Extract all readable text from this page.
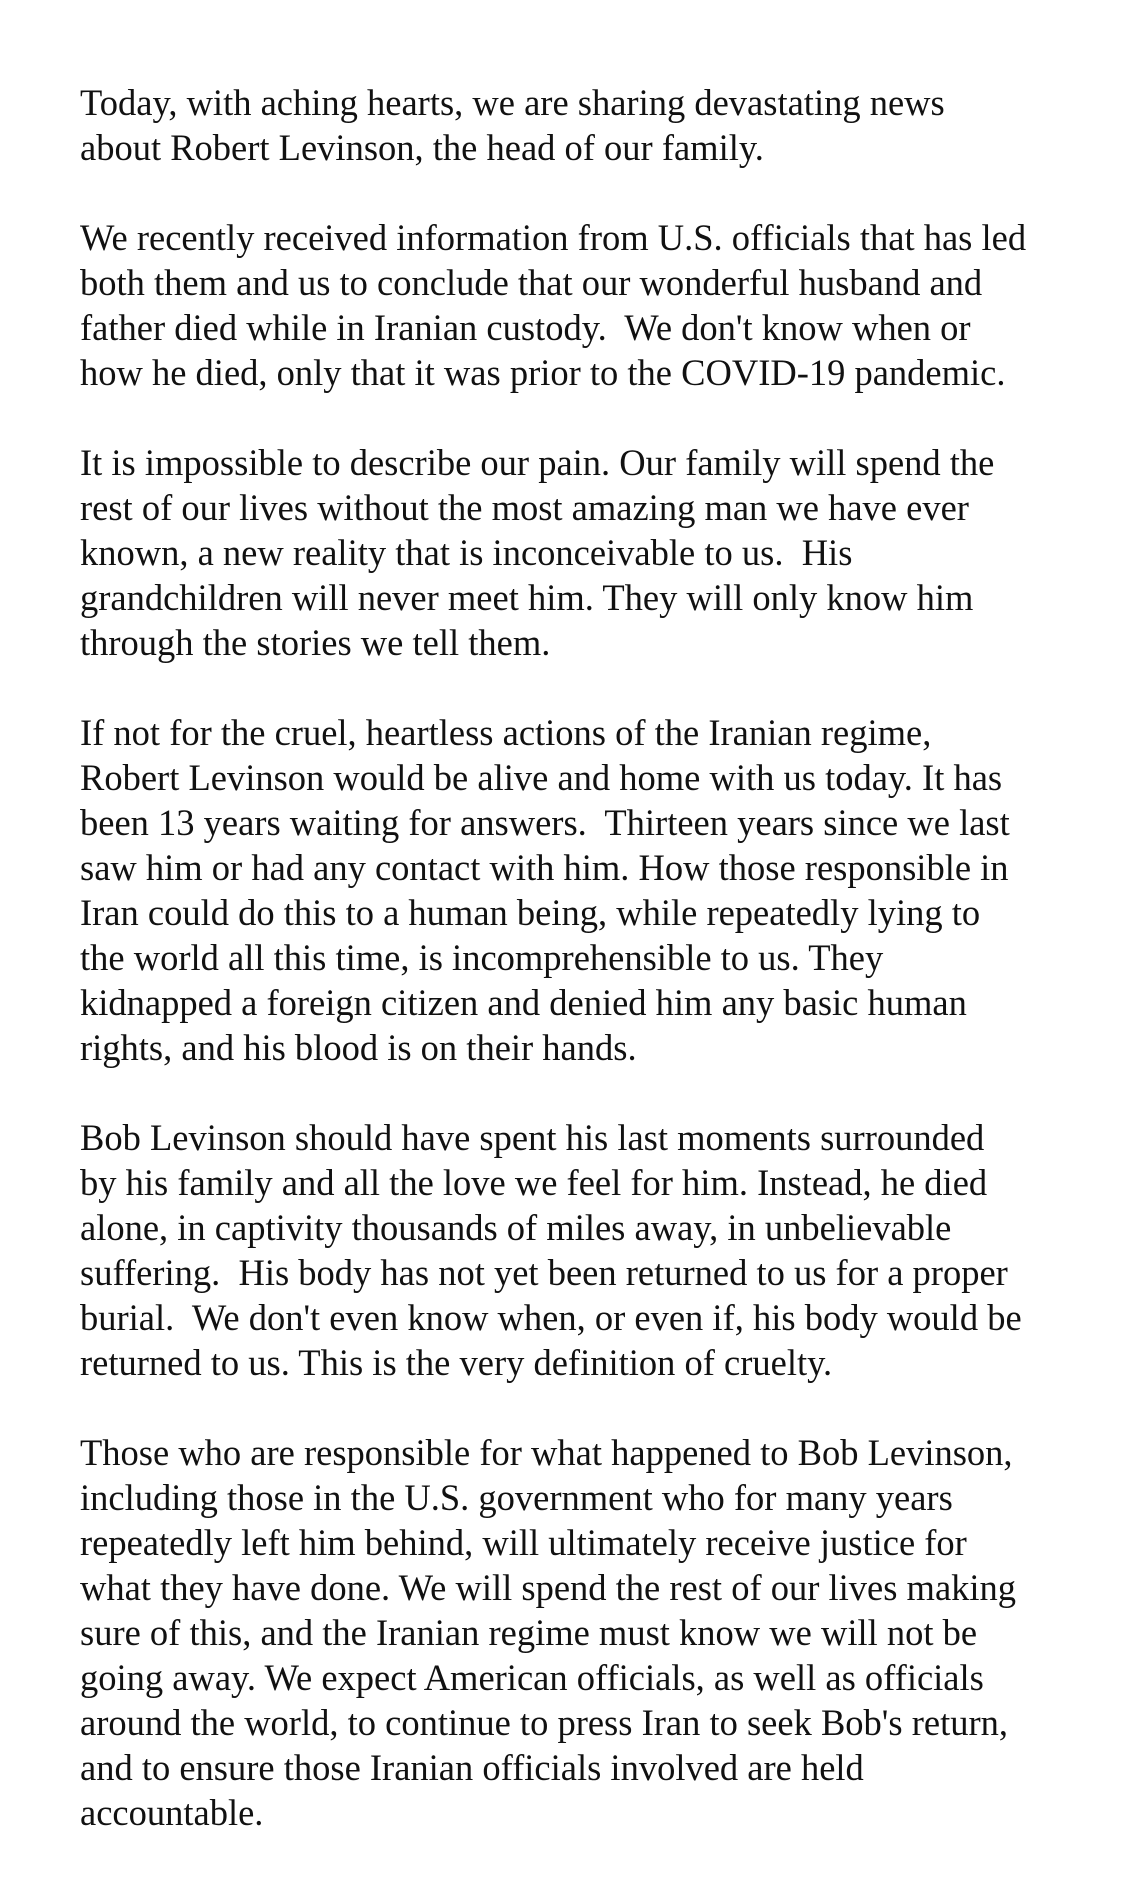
Today, with aching hearts, we are sharing devastating news
about Robert Levinson, the head of our family.

We recently received information from U.S. officials that has led
both them and us to conclude that our wonderful husband and
father died while in Iranian custody.  We don't know when or
how he died, only that it was prior to the COVID-19 pandemic.

It is impossible to describe our pain. Our family will spend the
rest of our lives without the most amazing man we have ever
known, a new reality that is inconceivable to us.  His
grandchildren will never meet him. They will only know him
through the stories we tell them.

If not for the cruel, heartless actions of the Iranian regime,
Robert Levinson would be alive and home with us today. It has
been 13 years waiting for answers.  Thirteen years since we last
saw him or had any contact with him. How those responsible in
Iran could do this to a human being, while repeatedly lying to
the world all this time, is incomprehensible to us. They
kidnapped a foreign citizen and denied him any basic human
rights, and his blood is on their hands.

Bob Levinson should have spent his last moments surrounded
by his family and all the love we feel for him. Instead, he died
alone, in captivity thousands of miles away, in unbelievable
suffering.  His body has not yet been returned to us for a proper
burial.  We don't even know when, or even if, his body would be
returned to us. This is the very definition of cruelty.

Those who are responsible for what happened to Bob Levinson,
including those in the U.S. government who for many years
repeatedly left him behind, will ultimately receive justice for
what they have done. We will spend the rest of our lives making
sure of this, and the Iranian regime must know we will not be
going away. We expect American officials, as well as officials
around the world, to continue to press Iran to seek Bob's return,
and to ensure those Iranian officials involved are held
accountable.
